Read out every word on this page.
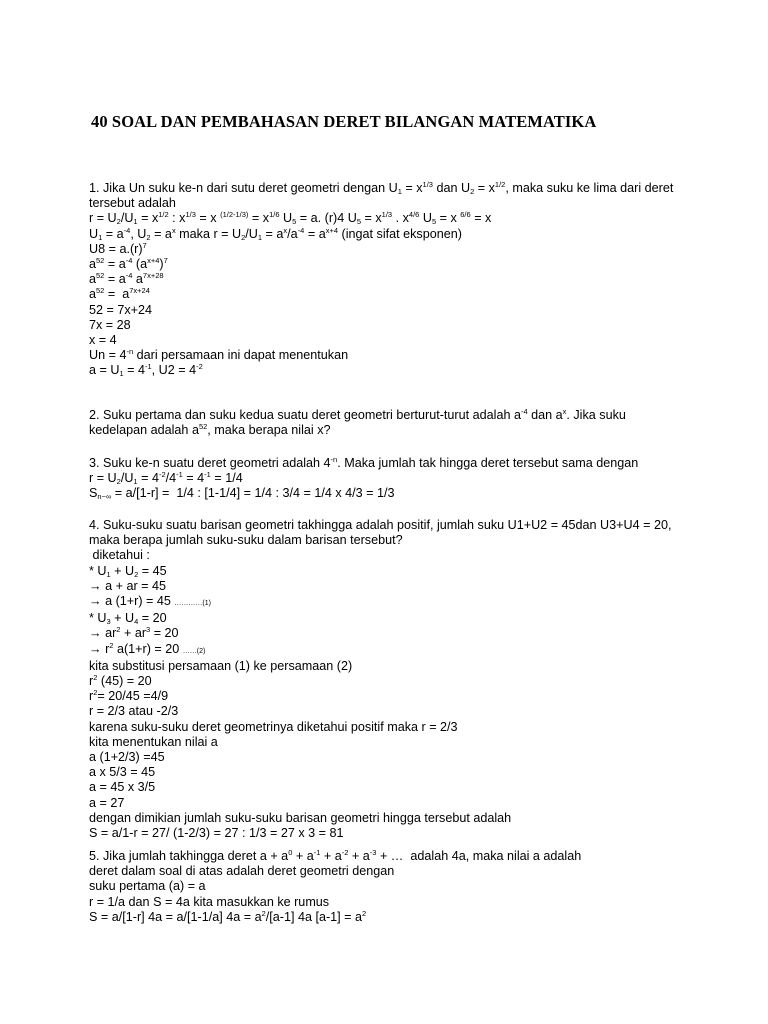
40 SOAL DAN PEMBAHASAN DERET BILANGAN MATEMATIKA
1. Jika Un suku ke-n dari sutu deret geometri dengan $U_1 = x^{1/3}$ dan $U_2 = x^{1/2}$, maka suku ke lima dari deret
tersebut adalah
$r = U_2/U_1 = x^{1/2}$ : $x^{1/3} = x$ $^{(1/2-1/3)} = x^{1/6}$ $U_5 = a$. (r)4 $U_5 = x^{1/3}$ . $x^{4/6}$ $U_5 = x$ $^{6/6}$ = x
$U_1 = a^{-4}$, $U_2 = a^x$ maka $r = U_2/U_1 = a^x/a^{-4} = a^{x+4}$ (ingat sifat eksponen)
$U8 = a.(r)^7$
$a^{52} = a^{-4}$ $(a^{x+4})^7$
$a^{52} = a^{-4}$ $a^{7x+28}$
$a^{52} = a^{7x+24}$
52 = 7x+24
7x = 28
x = 4
$Un = 4^{-n}$ dari persamaan ini dapat menentukan
$a = U_1 = 4^{-1}$, $U2 = 4^{-2}$
2. Suku pertama dan suku kedua suatu deret geometri berturut-turut adalah $a^{-4}$ dan $a^x$. Jika suku
kedelapan adalah $a^{52}$, maka berapa nilai x?
3. Suku ke-n suatu deret geometri adalah $4^{-n}$. Maka jumlah tak hingga deret tersebut sama dengan
$r = U_2/U_1 = 4^{-2}/4^{-1} = 4^{-1} = 1/4$
$S_{n\sim\infty} = a/[1-r] = 1/4$ : [1-1/4] = 1/4 : 3/4 = 1/4 x 4/3 = 1/3
4. Suku-suku suatu barisan geometri takhingga adalah positif, jumlah suku U1+U2 = 45dan U3+U4 = 20,
maka berapa jumlah suku-suku dalam barisan tersebut?
diketahui :
* $U_1 + U_2 = 45$
→ a + ar = 45
→ a (1+r) = 45 …………(1)
* $U_3 + U_4 = 20$
→ $ar^2 + ar^3 = 20$
→ $r^2$ a(1+r) = 20 ……(2)
kita substitusi persamaan (1) ke persamaan (2)
$r^2$ (45) = 20
$r^2= 20/45 =4/9$
r = 2/3 atau -2/3
karena suku-suku deret geometrinya diketahui positif maka r = 2/3
kita menentukan nilai a
a (1+2/3) =45
a x 5/3 = 45
a = 45 x 3/5
a = 27
dengan dimikian jumlah suku-suku barisan geometri hingga tersebut adalah
S = a/1-r = 27/ (1-2/3) = 27 : 1/3 = 27 x 3 = 81
5. Jika jumlah takhingga deret $a + a^0 + a^{-1} + a^{-2} + a^{-3}$ + …  adalah 4a, maka nilai a adalah
deret dalam soal di atas adalah deret geometri dengan
suku pertama (a) = a
r = 1/a dan S = 4a kita masukkan ke rumus
S = a/[1-r] 4a = a/[1-1/a] $4a = a^2/[a-1]$ 4a $[a-1] = a^2$
